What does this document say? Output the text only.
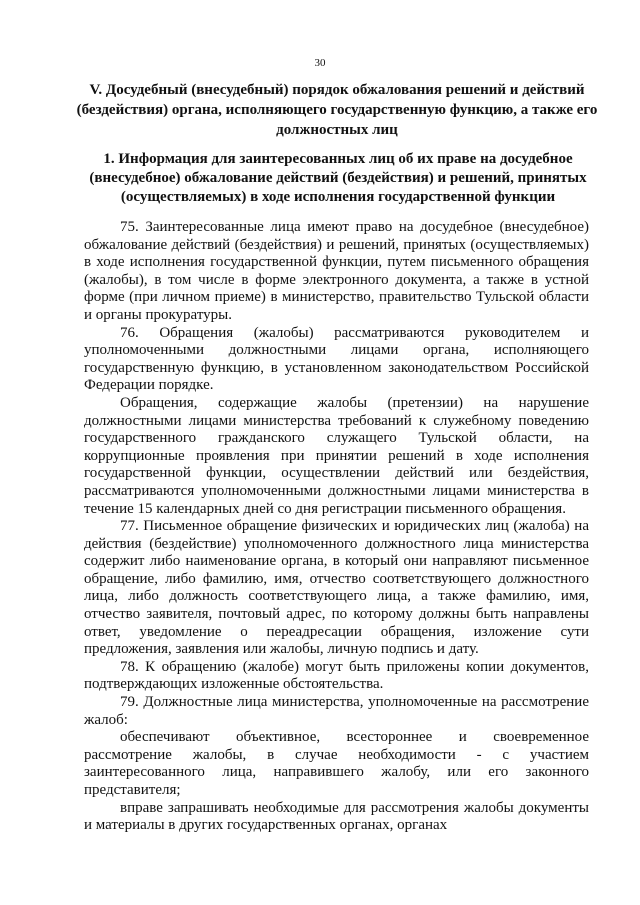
30
V. Досудебный (внесудебный) порядок обжалования решений и действий (бездействия) органа, исполняющего государственную функцию, а также его должностных лиц
1. Информация для заинтересованных лиц об их праве на досудебное (внесудебное) обжалование действий (бездействия) и решений, принятых (осуществляемых) в ходе исполнения государственной функции

75. Заинтересованные лица имеют право на досудебное (внесудебное) обжалование действий (бездействия) и решений, принятых (осуществляемых) в ходе исполнения государственной функции, путем письменного обращения (жалобы), в том числе в форме электронного документа, а также в устной форме (при личном приеме) в министерство, правительство Тульской области и органы прокуратуры.

76. Обращения (жалобы) рассматриваются руководителем и уполномоченными должностными лицами органа, исполняющего государственную функцию, в установленном законодательством Российской Федерации порядке.

Обращения, содержащие жалобы (претензии) на нарушение должностными лицами министерства требований к служебному поведению государственного гражданского служащего Тульской области, на коррупционные проявления при принятии решений в ходе исполнения государственной функции, осуществлении действий или бездействия, рассматриваются уполномоченными должностными лицами министерства в течение 15 календарных дней со дня регистрации письменного обращения.

77. Письменное обращение физических и юридических лиц (жалоба) на действия (бездействие) уполномоченного должностного лица министерства содержит либо наименование органа, в который они направляют письменное обращение, либо фамилию, имя, отчество соответствующего должностного лица, либо должность соответствующего лица, а также фамилию, имя, отчество заявителя, почтовый адрес, по которому должны быть направлены ответ, уведомление о переадресации обращения, изложение сути предложения, заявления или жалобы, личную подпись и дату.

78. К обращению (жалобе) могут быть приложены копии документов, подтверждающих изложенные обстоятельства.

79. Должностные лица министерства, уполномоченные на рассмотрение жалоб:

обеспечивают объективное, всестороннее и своевременное рассмотрение жалобы, в случае необходимости - с участием заинтересованного лица, направившего жалобу, или его законного представителя;

вправе запрашивать необходимые для рассмотрения жалобы документы и материалы в других государственных органах, органах
